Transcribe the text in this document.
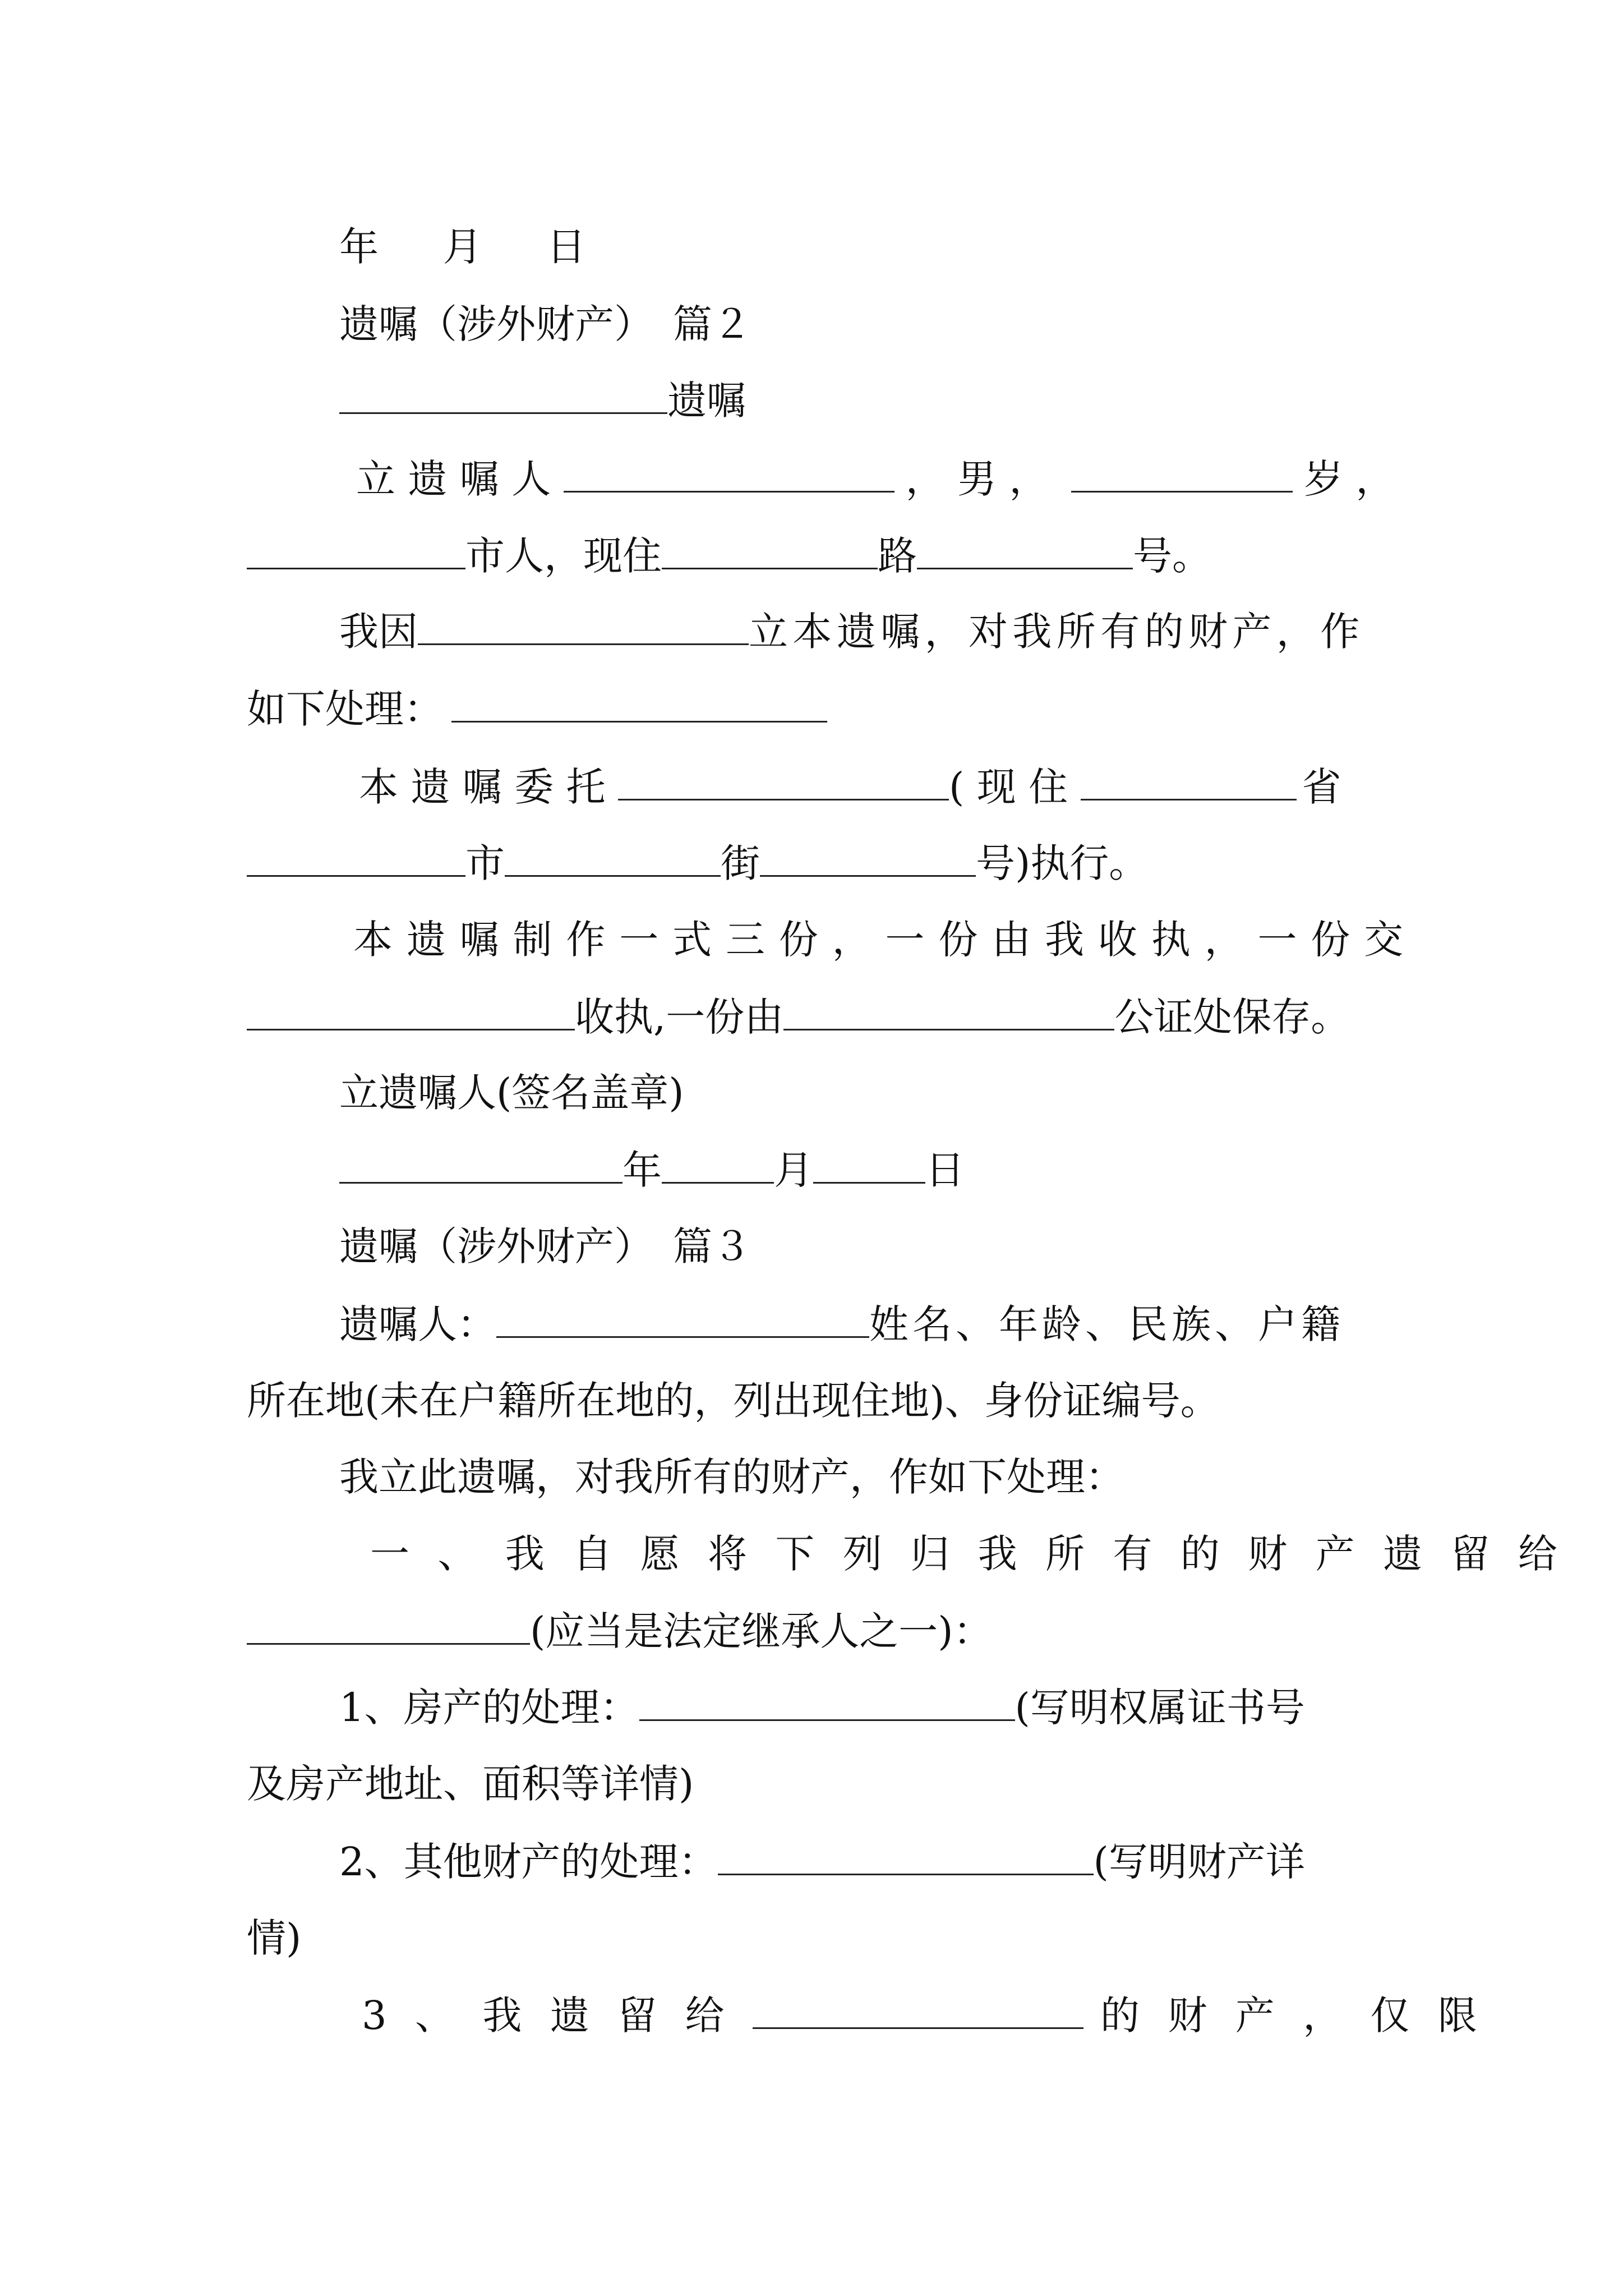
年　月　日
遗嘱（涉外财产）　篇２
遗嘱
立遗嘱人	，男，	岁，
市人，现住	路	号。
我因	立本遗嘱，对我所有的财产，作
如下处理：
本遗嘱委托	(现住	省
市	街	号)执行。
本遗嘱制作一式三份，一份由我收执，一份交
收执,一份由	公证处保存。
立遗嘱人(签名盖章)
年	月	日
遗嘱（涉外财产）　篇３
遗嘱人：	姓名、年龄、民族、户籍
所在地(未在户籍所在地的，列出现住地)、身份证编号。
我立此遗嘱，对我所有的财产，作如下处理：
一、我自愿将下列归我所有的财产遗留给
(应当是法定继承人之一)：
1、房产的处理：	(写明权属证书号
及房产地址、面积等详情)
2、其他财产的处理：	(写明财产详
情)
3、我遗留给	的财产，仅限
